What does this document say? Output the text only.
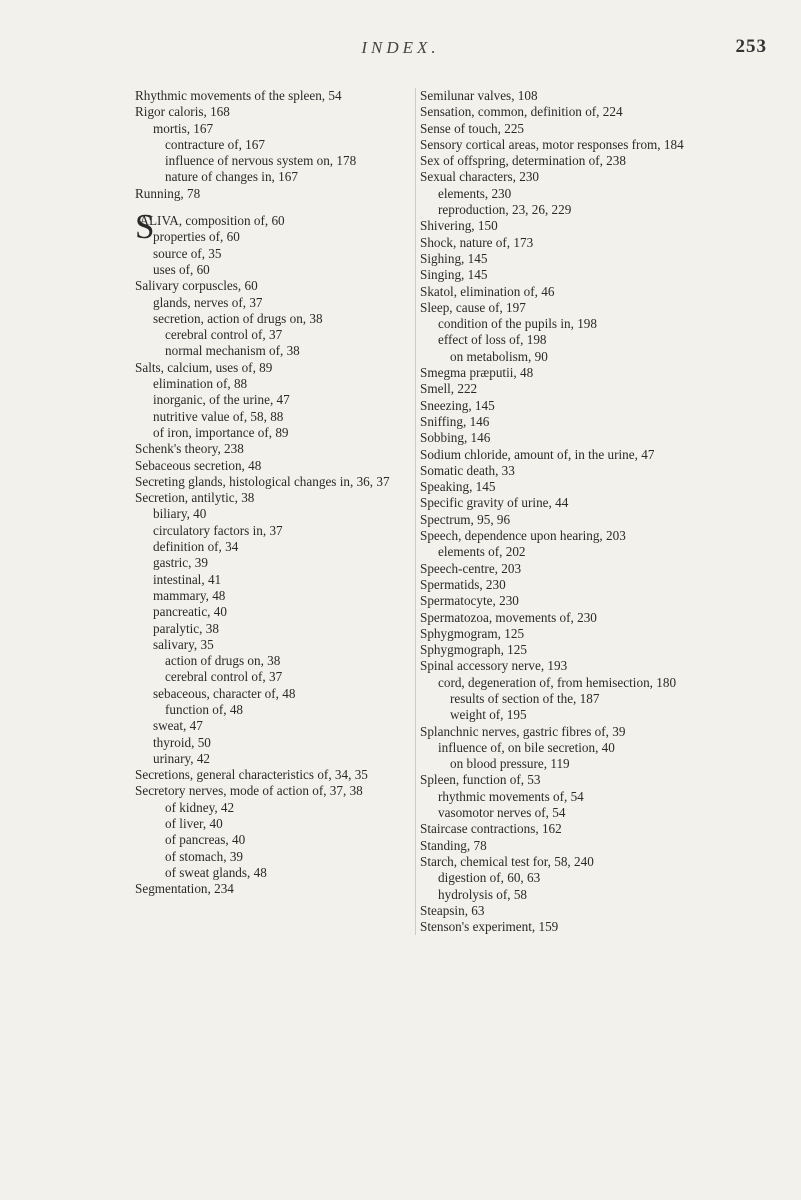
INDEX.	253
Rhythmic movements of the spleen, 54
Rigor caloris, 168
mortis, 167
contracture of, 167
influence of nervous system on, 178
nature of changes in, 167
Running, 78
S
ALIVA, composition of, 60
properties of, 60
source of, 35
uses of, 60
Salivary corpuscles, 60
glands, nerves of, 37
secretion, action of drugs on, 38
cerebral control of, 37
normal mechanism of, 38
Salts, calcium, uses of, 89
elimination of, 88
inorganic, of the urine, 47
nutritive value of, 58, 88
of iron, importance of, 89
Schenk's theory, 238
Sebaceous secretion, 48
Secreting glands, histological changes in, 36, 37
Secretion, antilytic, 38
biliary, 40
circulatory factors in, 37
definition of, 34
gastric, 39
intestinal, 41
mammary, 48
pancreatic, 40
paralytic, 38
salivary, 35
action of drugs on, 38
cerebral control of, 37
sebaceous, character of, 48
function of, 48
sweat, 47
thyroid, 50
urinary, 42
Secretions, general characteristics of, 34, 35
Secretory nerves, mode of action of, 37, 38
of kidney, 42
of liver, 40
of pancreas, 40
of stomach, 39
of sweat glands, 48
Segmentation, 234
Semilunar valves, 108
Sensation, common, definition of, 224
Sense of touch, 225
Sensory cortical areas, motor responses from, 184
Sex of offspring, determination of, 238
Sexual characters, 230
elements, 230
reproduction, 23, 26, 229
Shivering, 150
Shock, nature of, 173
Sighing, 145
Singing, 145
Skatol, elimination of, 46
Sleep, cause of, 197
condition of the pupils in, 198
effect of loss of, 198
on metabolism, 90
Smegma præputii, 48
Smell, 222
Sneezing, 145
Sniffing, 146
Sobbing, 146
Sodium chloride, amount of, in the urine, 47
Somatic death, 33
Speaking, 145
Specific gravity of urine, 44
Spectrum, 95, 96
Speech, dependence upon hearing, 203
elements of, 202
Speech-centre, 203
Spermatids, 230
Spermatocyte, 230
Spermatozoa, movements of, 230
Sphygmogram, 125
Sphygmograph, 125
Spinal accessory nerve, 193
cord, degeneration of, from hemisection, 180
results of section of the, 187
weight of, 195
Splanchnic nerves, gastric fibres of, 39
influence of, on bile secretion, 40
on blood pressure, 119
Spleen, function of, 53
rhythmic movements of, 54
vasomotor nerves of, 54
Staircase contractions, 162
Standing, 78
Starch, chemical test for, 58, 240
digestion of, 60, 63
hydrolysis of, 58
Steapsin, 63
Stenson's experiment, 159
